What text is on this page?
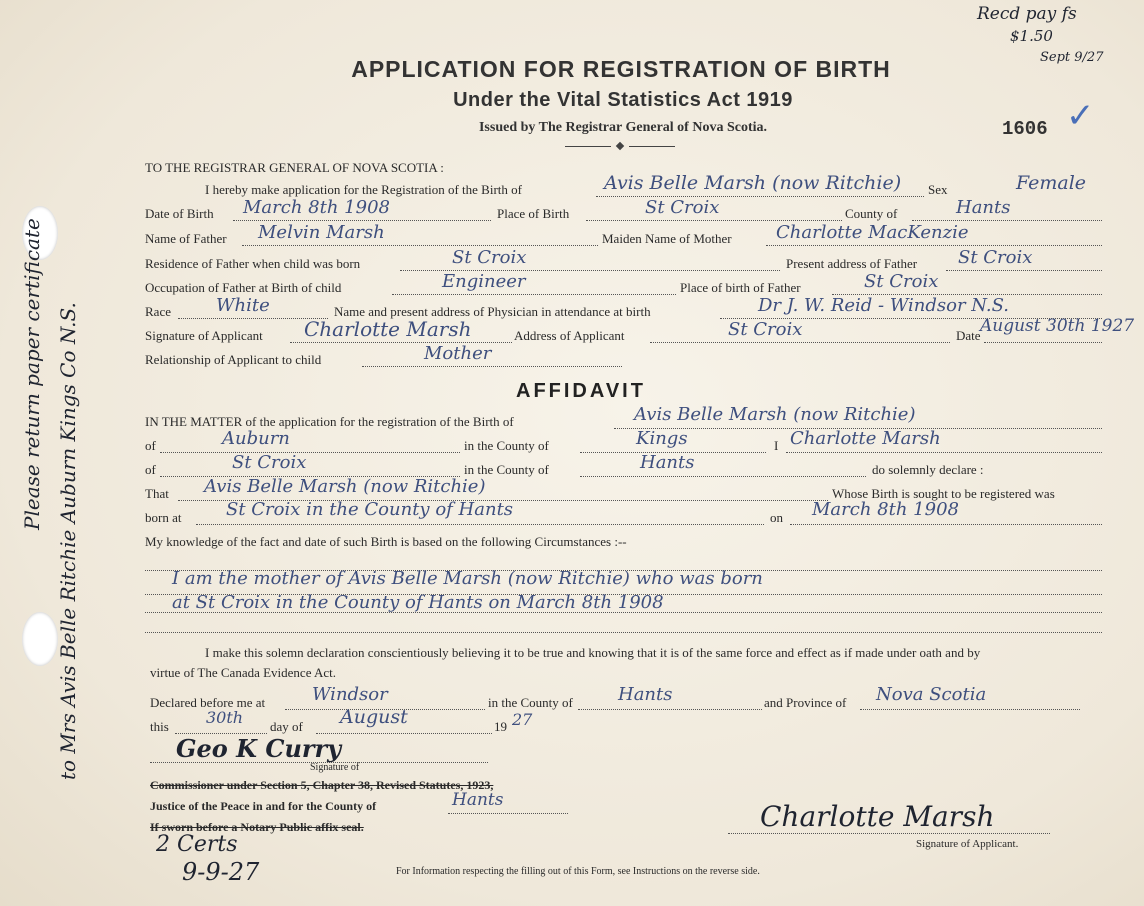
Please return paper certificate to Mrs Avis Belle Ritchie Auburn Kings Co N.S.
Recd pay fs
$1.50
Sept 9/27
APPLICATION FOR REGISTRATION OF BIRTH
Under the Vital Statistics Act 1919
Issued by The Registrar General of Nova Scotia.	1606 ✓
TO THE REGISTRAR GENERAL OF NOVA SCOTIA :
I hereby make application for the Registration of the Birth of	Avis Belle Marsh (now Ritchie) Sex	Female
Date of Birth March 8th 1908	Place of Birth	St Croix	County of	Hants
Name of Father Melvin Marsh	Maiden Name of Mother Charlotte MacKenzie
Residence of Father when child was born	St Croix	Present address of Father St Croix
Occupation of Father at Birth of child	Engineer	Place of birth of Father	St Croix
Race	White	Name and present address of Physician in attendance at birth	Dr J. W. Reid - Windsor N.S.
Signature of Applicant Charlotte Marsh	Address of Applicant	St Croix	Date August 30th 1927
Relationship of Applicant to child	Mother
AFFIDAVIT
IN THE MATTER of the application for the registration of the Birth of	Avis Belle Marsh (now Ritchie)
of	Auburn	in the County of	Kings	I Charlotte Marsh
of	St Croix	in the County of	Hants	do solemnly declare :
That Avis Belle Marsh (now Ritchie)	Whose Birth is sought to be registered was
born at St Croix in the County of Hants	on March 8th 1908
My knowledge of the fact and date of such Birth is based on the following Circumstances :--
I am the mother of Avis Belle Marsh (now Ritchie) who was born
at St Croix in the County of Hants on March 8th 1908
I make this solemn declaration conscientiously believing it to be true and knowing that it is of the same force and effect as if made under oath and by
virtue of The Canada Evidence Act.
Declared before me at	Windsor	in the County of	Hants	and Province of Nova Scotia
this 30th day of August	19 27
Geo K Curry
Signature of
Commissioner under Section 5, Chapter 38, Revised Statutes, 1923,
Justice of the Peace in and for the County of	Hants
If sworn before a Notary Public affix seal.	Charlotte Marsh
Signature of Applicant.
2 Certs
9-9-27	For Information respecting the filling out of this Form, see Instructions on the reverse side.
